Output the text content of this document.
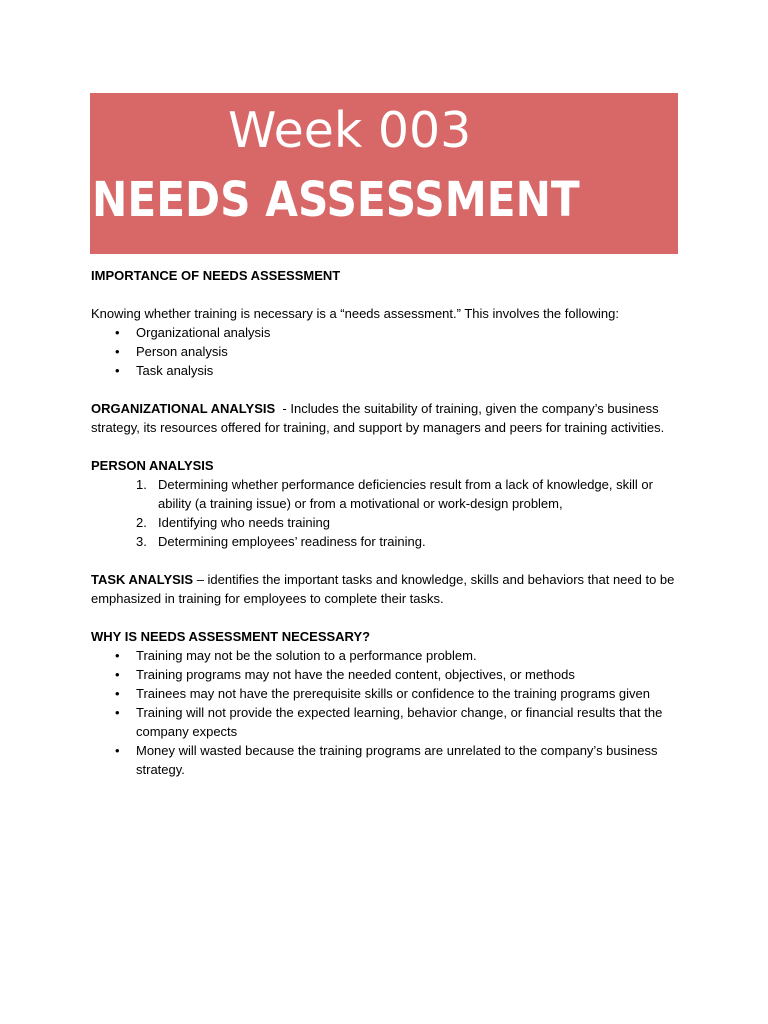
Week 003
NEEDS ASSESSMENT

IMPORTANCE OF NEEDS ASSESSMENT

Knowing whether training is necessary is a “needs assessment.” This involves the following:

• Organizational analysis
• Person analysis
• Task analysis

ORGANIZATIONAL ANALYSIS  - Includes the suitability of training, given the company’s business strategy, its resources offered for training, and support by managers and peers for training activities.

PERSON ANALYSIS

1. Determining whether performance deficiencies result from a lack of knowledge, skill or ability (a training issue) or from a motivational or work-design problem,
2. Identifying who needs training
3. Determining employees’ readiness for training.

TASK ANALYSIS – identifies the important tasks and knowledge, skills and behaviors that need to be emphasized in training for employees to complete their tasks.

WHY IS NEEDS ASSESSMENT NECESSARY?

• Training may not be the solution to a performance problem.
• Training programs may not have the needed content, objectives, or methods
• Trainees may not have the prerequisite skills or confidence to the training programs given
• Training will not provide the expected learning, behavior change, or financial results that the company expects
• Money will wasted because the training programs are unrelated to the company’s business strategy.
